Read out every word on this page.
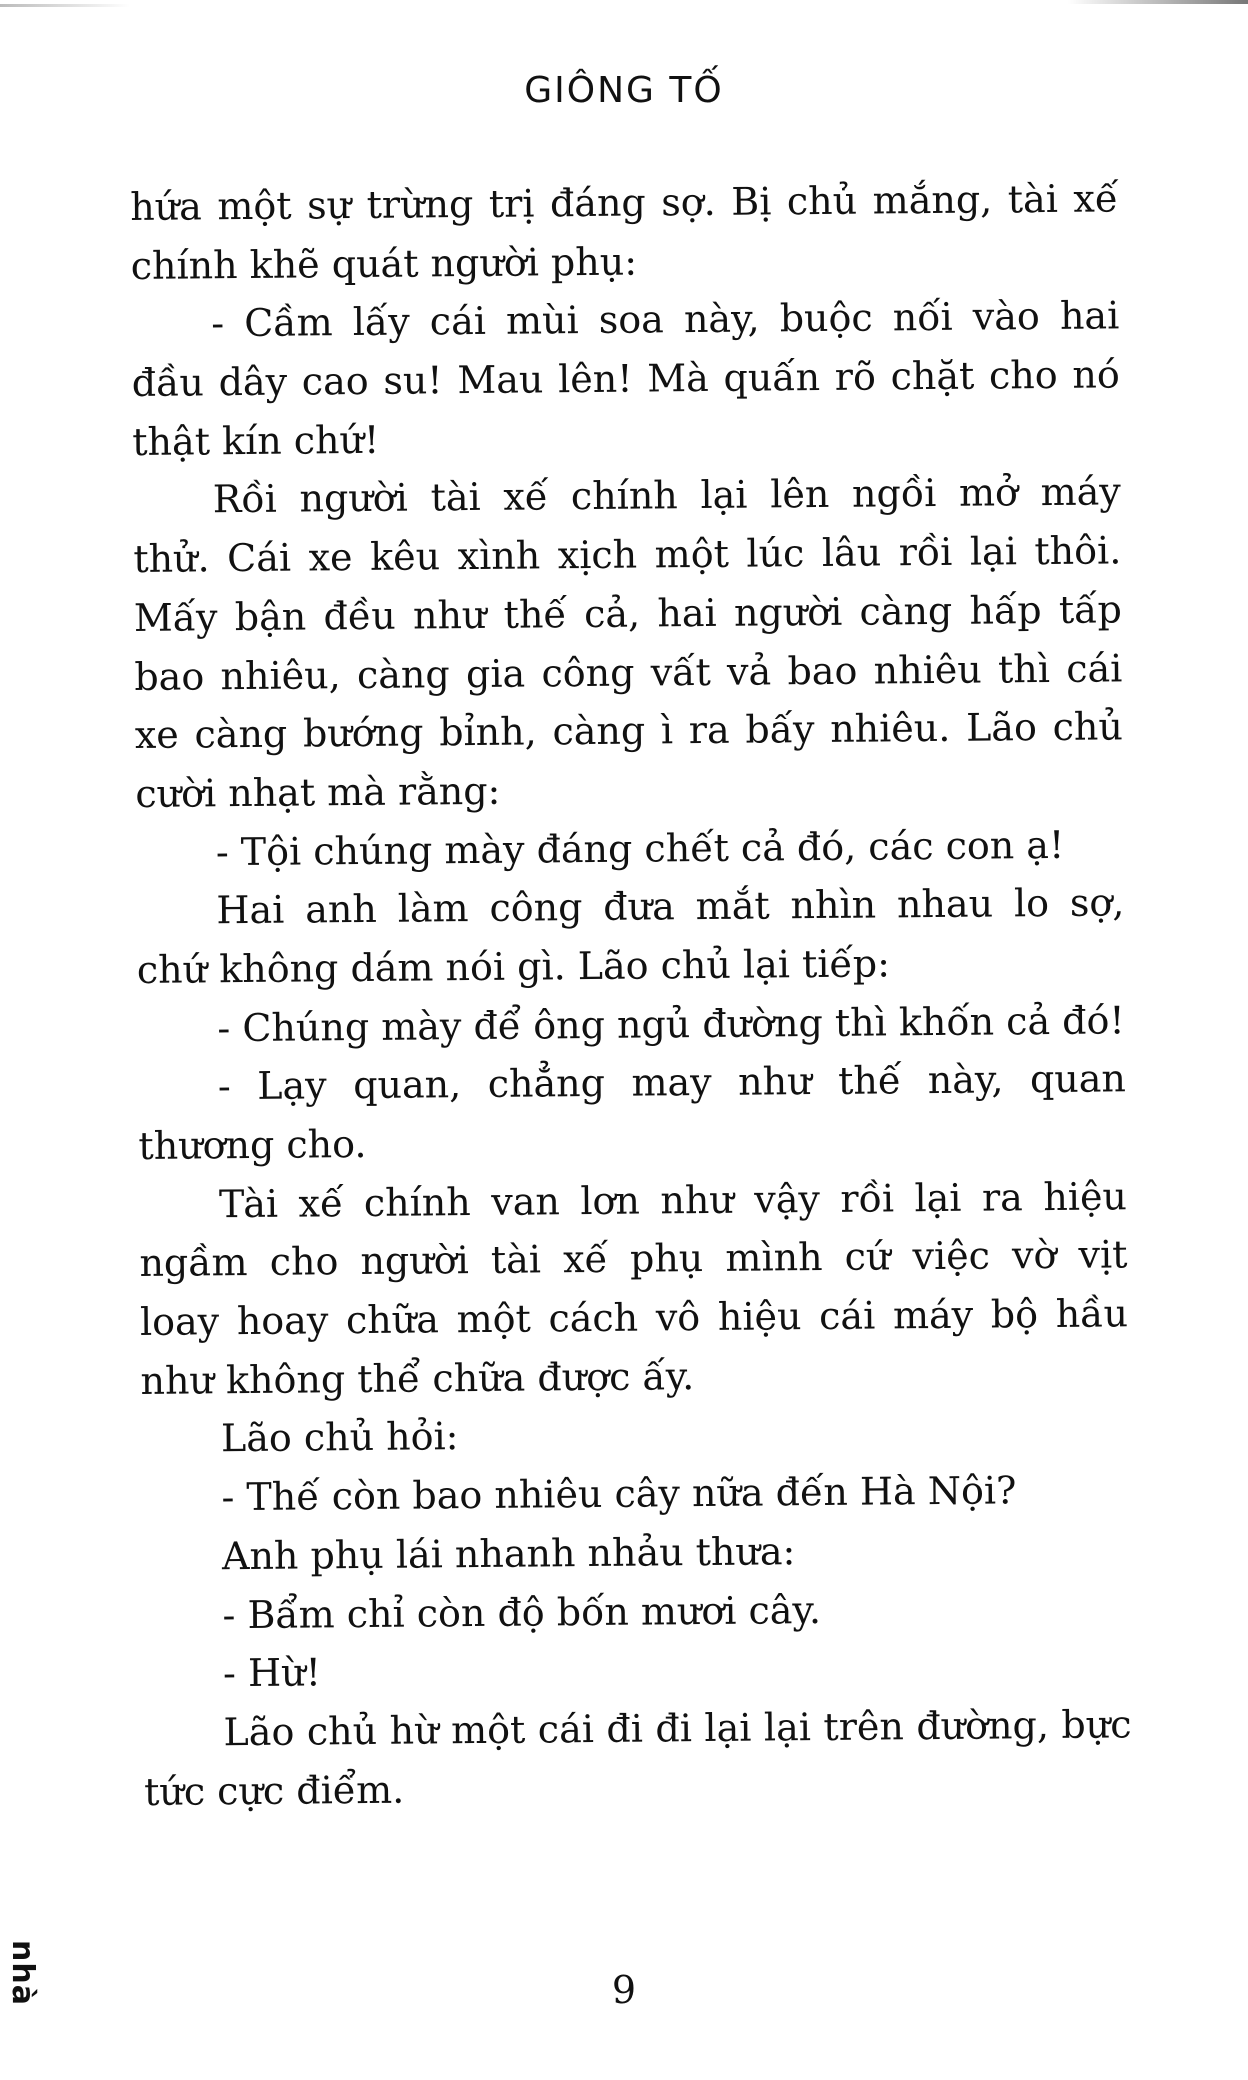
GIÔNG TỐ
hứa một sự trừng trị đáng sợ. Bị chủ mắng, tài xế
chính khẽ quát người phụ:
- Cầm lấy cái mùi soa này, buộc nối vào hai
đầu dây cao su! Mau lên! Mà quấn rõ chặt cho nó
thật kín chứ!
Rồi người tài xế chính lại lên ngồi mở máy
thử. Cái xe kêu xình xịch một lúc lâu rồi lại thôi.
Mấy bận đều như thế cả, hai người càng hấp tấp
bao nhiêu, càng gia công vất vả bao nhiêu thì cái
xe càng bướng bỉnh, càng ì ra bấy nhiêu. Lão chủ
cười nhạt mà rằng:
- Tội chúng mày đáng chết cả đó, các con ạ!
Hai anh làm công đưa mắt nhìn nhau lo sợ,
chứ không dám nói gì. Lão chủ lại tiếp:
- Chúng mày để ông ngủ đường thì khốn cả đó!
- Lạy quan, chẳng may như thế này, quan
thương cho.
Tài xế chính van lơn như vậy rồi lại ra hiệu
ngầm cho người tài xế phụ mình cứ việc vờ vịt
loay hoay chữa một cách vô hiệu cái máy bộ hầu
như không thể chữa được ấy.
Lão chủ hỏi:
- Thế còn bao nhiêu cây nữa đến Hà Nội?
Anh phụ lái nhanh nhảu thưa:
- Bẩm chỉ còn độ bốn mươi cây.
- Hừ!
Lão chủ hừ một cái đi đi lại lại trên đường, bực
tức cực điểm.
nhà	9
